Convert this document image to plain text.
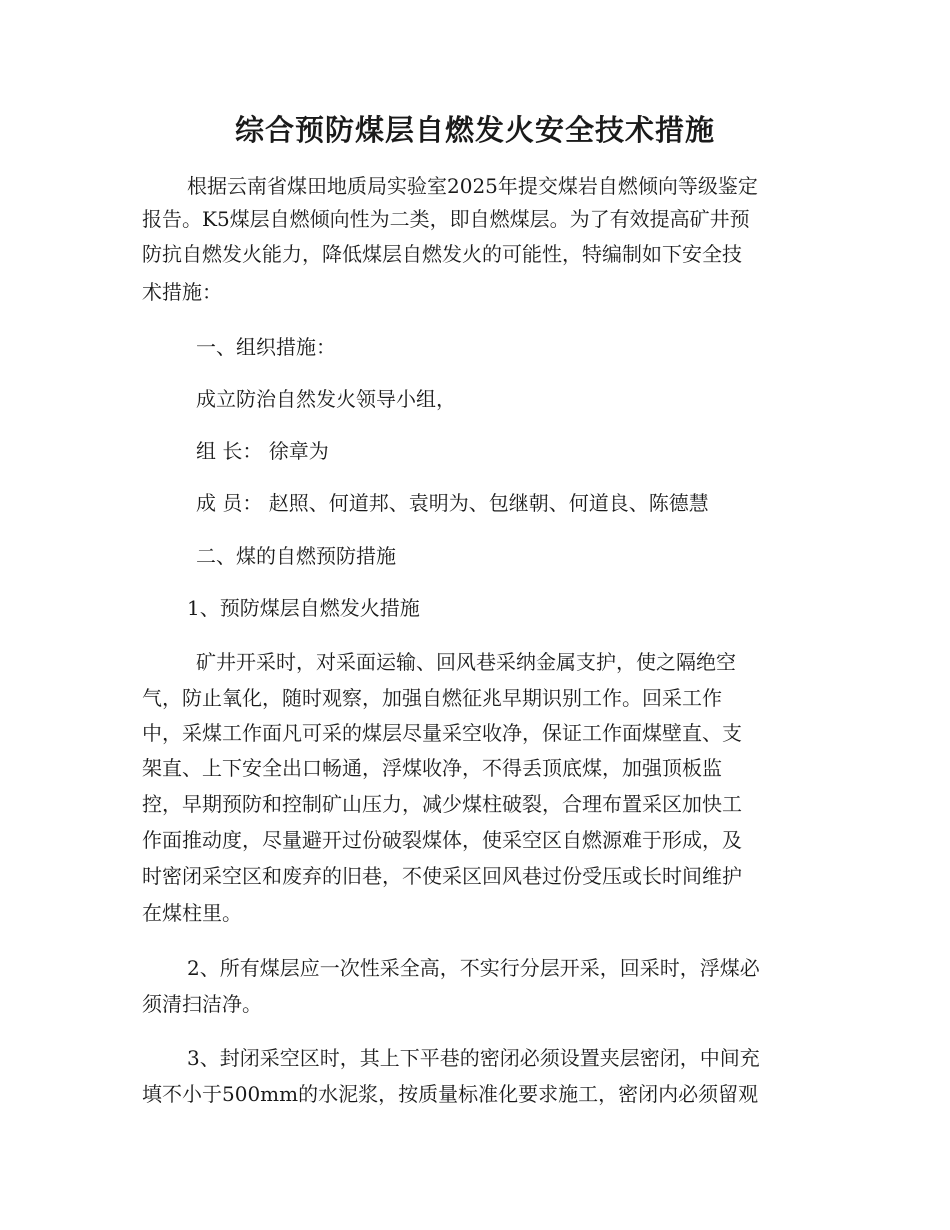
综合预防煤层自燃发火安全技术措施

根据云南省煤田地质局实验室2025年提交煤岩自燃倾向等级鉴定

报告。K5煤层自燃倾向性为二类，即自燃煤层。为了有效提高矿井预

防抗自燃发火能力，降低煤层自燃发火的可能性，特编制如下安全技

术措施：

一、组织措施：

成立防治自然发火领导小组，

组 长： 徐章为

成 员： 赵照、何道邦、袁明为、包继朝、何道良、陈德慧

二、煤的自燃预防措施

1、预防煤层自燃发火措施

矿井开采时，对采面运输、回风巷采纳金属支护，使之隔绝空

气，防止氧化，随时观察，加强自燃征兆早期识别工作。回采工作

中，采煤工作面凡可采的煤层尽量采空收净，保证工作面煤壁直、支

架直、上下安全出口畅通，浮煤收净，不得丢顶底煤，加强顶板监

控，早期预防和控制矿山压力，减少煤柱破裂，合理布置采区加快工

作面推动度，尽量避开过份破裂煤体，使采空区自燃源难于形成，及

时密闭采空区和废弃的旧巷，不使采区回风巷过份受压或长时间维护

在煤柱里。

2、所有煤层应一次性采全高，不实行分层开采，回采时，浮煤必

须清扫洁净。

3、封闭采空区时，其上下平巷的密闭必须设置夹层密闭，中间充

填不小于500mm的水泥浆，按质量标准化要求施工，密闭内必须留观
